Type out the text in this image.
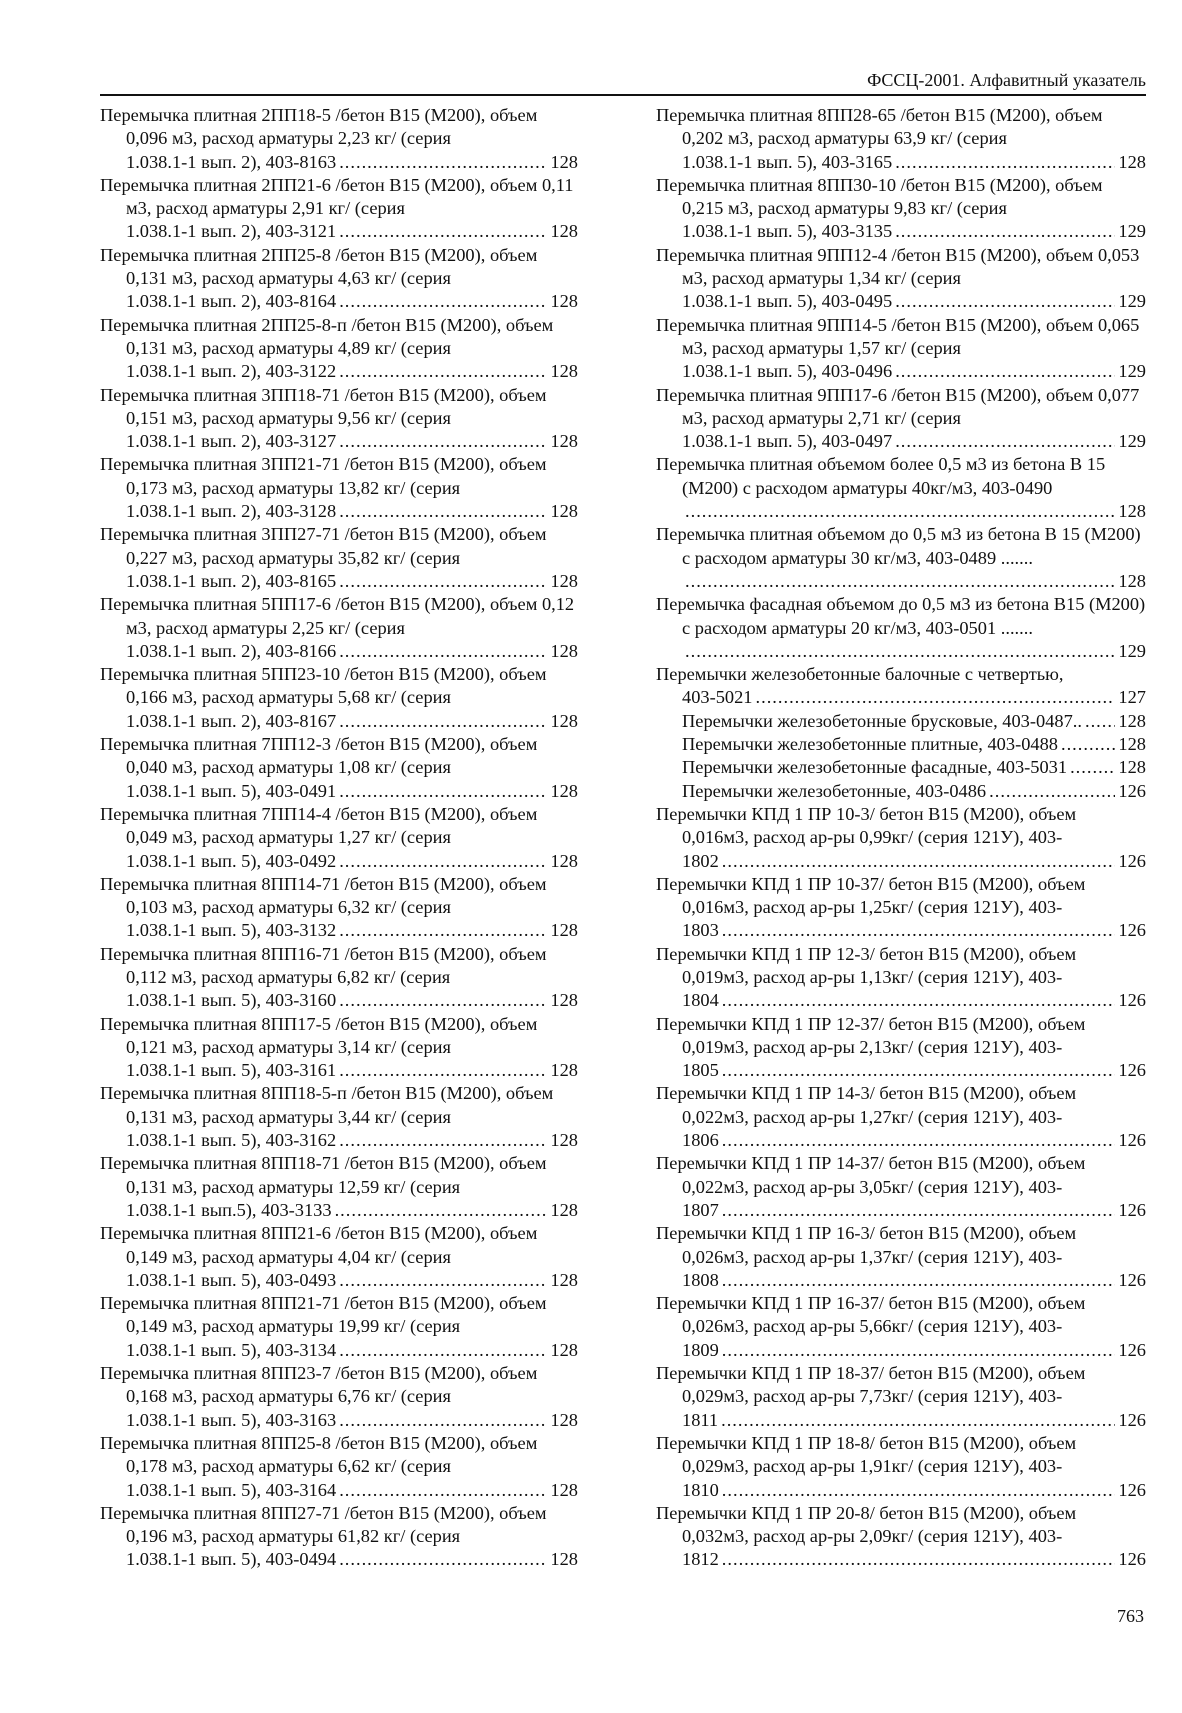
ФССЦ-2001. Алфавитный указатель
Перемычка плитная 2ПП18-5 /бетон В15 (М200), объем 0,096 м3, расход арматуры 2,23 кг/ (серия
1.038.1-1 вып. 2), 403-8163 .....	128
Перемычка плитная 2ПП21-6 /бетон В15 (М200), объем 0,11 м3, расход арматуры 2,91 кг/ (серия
1.038.1-1 вып. 2), 403-3121 .....	128
Перемычка плитная 2ПП25-8 /бетон В15 (М200), объем 0,131 м3, расход арматуры 4,63 кг/ (серия
1.038.1-1 вып. 2), 403-8164 .....	128
Перемычка плитная 2ПП25-8-п /бетон В15 (М200), объем 0,131 м3, расход арматуры 4,89 кг/ (серия
1.038.1-1 вып. 2), 403-3122 .....	128
Перемычка плитная 3ПП18-71 /бетон В15 (М200), объем 0,151 м3, расход арматуры 9,56 кг/ (серия
1.038.1-1 вып. 2), 403-3127 .....	128
Перемычка плитная 3ПП21-71 /бетон В15 (М200), объем 0,173 м3, расход арматуры 13,82 кг/ (серия
1.038.1-1 вып. 2), 403-3128 .....	128
Перемычка плитная 3ПП27-71 /бетон В15 (М200), объем 0,227 м3, расход арматуры 35,82 кг/ (серия
1.038.1-1 вып. 2), 403-8165 .....	128
Перемычка плитная 5ПП17-6 /бетон В15 (М200), объем 0,12 м3, расход арматуры 2,25 кг/ (серия
1.038.1-1 вып. 2), 403-8166 .....	128
Перемычка плитная 5ПП23-10 /бетон В15 (М200), объем 0,166 м3, расход арматуры 5,68 кг/ (серия
1.038.1-1 вып. 2), 403-8167 .....	128
Перемычка плитная 7ПП12-3 /бетон В15 (М200), объем 0,040 м3, расход арматуры 1,08 кг/ (серия
1.038.1-1 вып. 5), 403-0491 .....	128
Перемычка плитная 7ПП14-4 /бетон В15 (М200), объем 0,049 м3, расход арматуры 1,27 кг/ (серия
1.038.1-1 вып. 5), 403-0492 .....	128
Перемычка плитная 8ПП14-71 /бетон В15 (М200), объем 0,103 м3, расход арматуры 6,32 кг/ (серия
1.038.1-1 вып. 5), 403-3132 .....	128
Перемычка плитная 8ПП16-71 /бетон В15 (М200), объем 0,112 м3, расход арматуры 6,82 кг/ (серия
1.038.1-1 вып. 5), 403-3160 .....	128
Перемычка плитная 8ПП17-5 /бетон В15 (М200), объем 0,121 м3, расход арматуры 3,14 кг/ (серия
1.038.1-1 вып. 5), 403-3161 .....	128
Перемычка плитная 8ПП18-5-п /бетон В15 (М200), объем 0,131 м3, расход арматуры 3,44 кг/ (серия
1.038.1-1 вып. 5), 403-3162 .....	128
Перемычка плитная 8ПП18-71 /бетон В15 (М200), объем 0,131 м3, расход арматуры 12,59 кг/ (серия
1.038.1-1 вып.5), 403-3133 .....	128
Перемычка плитная 8ПП21-6 /бетон В15 (М200), объем 0,149 м3, расход арматуры 4,04 кг/ (серия
1.038.1-1 вып. 5), 403-0493 .....	128
Перемычка плитная 8ПП21-71 /бетон В15 (М200), объем 0,149 м3, расход арматуры 19,99 кг/ (серия
1.038.1-1 вып. 5), 403-3134 .....	128
Перемычка плитная 8ПП23-7 /бетон В15 (М200), объем 0,168 м3, расход арматуры 6,76 кг/ (серия
1.038.1-1 вып. 5), 403-3163 .....	128
Перемычка плитная 8ПП25-8 /бетон В15 (М200), объем 0,178 м3, расход арматуры 6,62 кг/ (серия
1.038.1-1 вып. 5), 403-3164 .....	128
Перемычка плитная 8ПП27-71 /бетон В15 (М200), объем 0,196 м3, расход арматуры 61,82 кг/ (серия
1.038.1-1 вып. 5), 403-0494 .....	128
Перемычка плитная 8ПП28-65 /бетон В15 (М200), объем 0,202 м3, расход арматуры 63,9 кг/ (серия
1.038.1-1 вып. 5), 403-3165 .....	128
Перемычка плитная 8ПП30-10 /бетон В15 (М200), объем 0,215 м3, расход арматуры 9,83 кг/ (серия
1.038.1-1 вып. 5), 403-3135 .....	129
Перемычка плитная 9ПП12-4 /бетон В15 (М200), объем 0,053 м3, расход арматуры 1,34 кг/ (серия
1.038.1-1 вып. 5), 403-0495 .....	129
Перемычка плитная 9ПП14-5 /бетон В15 (М200), объем 0,065 м3, расход арматуры 1,57 кг/ (серия
1.038.1-1 вып. 5), 403-0496 .....	129
Перемычка плитная 9ПП17-6 /бетон В15 (М200), объем 0,077 м3, расход арматуры 2,71 кг/ (серия
1.038.1-1 вып. 5), 403-0497 .....	129
Перемычка плитная объемом более 0,5 м3 из бетона В 15 (М200) с расходом арматуры 40кг/м3, 403-0490
.....
128
Перемычка плитная объемом до 0,5 м3 из бетона В 15 (М200) с расходом арматуры 30 кг/м3, 403-0489 .......
.....
128
Перемычка фасадная объемом до 0,5 м3 из бетона В15 (М200) с расходом арматуры 20 кг/м3, 403-0501 .......
.....
129
Перемычки железобетонные балочные с четвертью,
403-5021 .....	127
Перемычки железобетонные брусковые, 403-0487.. ..... 128
Перемычки железобетонные плитные, 403-0488 .....	128
Перемычки железобетонные фасадные, 403-5031 .....	128
Перемычки железобетонные, 403-0486 .....	126
Перемычки КПД 1 ПР 10-3/ бетон В15 (М200), объем 0,016м3, расход ар-ры 0,99кг/ (серия 121У), 403-
1802 .....	126
Перемычки КПД 1 ПР 10-37/ бетон В15 (М200), объем 0,016м3, расход ар-ры 1,25кг/ (серия 121У), 403-
1803 .....	126
Перемычки КПД 1 ПР 12-3/ бетон В15 (М200), объем 0,019м3, расход ар-ры 1,13кг/ (серия 121У), 403-
1804 .....	126
Перемычки КПД 1 ПР 12-37/ бетон В15 (М200), объем 0,019м3, расход ар-ры 2,13кг/ (серия 121У), 403-
1805 .....	126
Перемычки КПД 1 ПР 14-3/ бетон В15 (М200), объем 0,022м3, расход ар-ры 1,27кг/ (серия 121У), 403-
1806 .....	126
Перемычки КПД 1 ПР 14-37/ бетон В15 (М200), объем 0,022м3, расход ар-ры 3,05кг/ (серия 121У), 403-
1807 .....	126
Перемычки КПД 1 ПР 16-3/ бетон В15 (М200), объем 0,026м3, расход ар-ры 1,37кг/ (серия 121У), 403-
1808 .....	126
Перемычки КПД 1 ПР 16-37/ бетон В15 (М200), объем 0,026м3, расход ар-ры 5,66кг/ (серия 121У), 403-
1809 .....	126
Перемычки КПД 1 ПР 18-37/ бетон В15 (М200), объем 0,029м3, расход ар-ры 7,73кг/ (серия 121У), 403-
1811 .....	126
Перемычки КПД 1 ПР 18-8/ бетон В15 (М200), объем 0,029м3, расход ар-ры 1,91кг/ (серия 121У), 403-
1810 .....	126
Перемычки КПД 1 ПР 20-8/ бетон В15 (М200), объем 0,032м3, расход ар-ры 2,09кг/ (серия 121У), 403-
1812 .....	126
763
